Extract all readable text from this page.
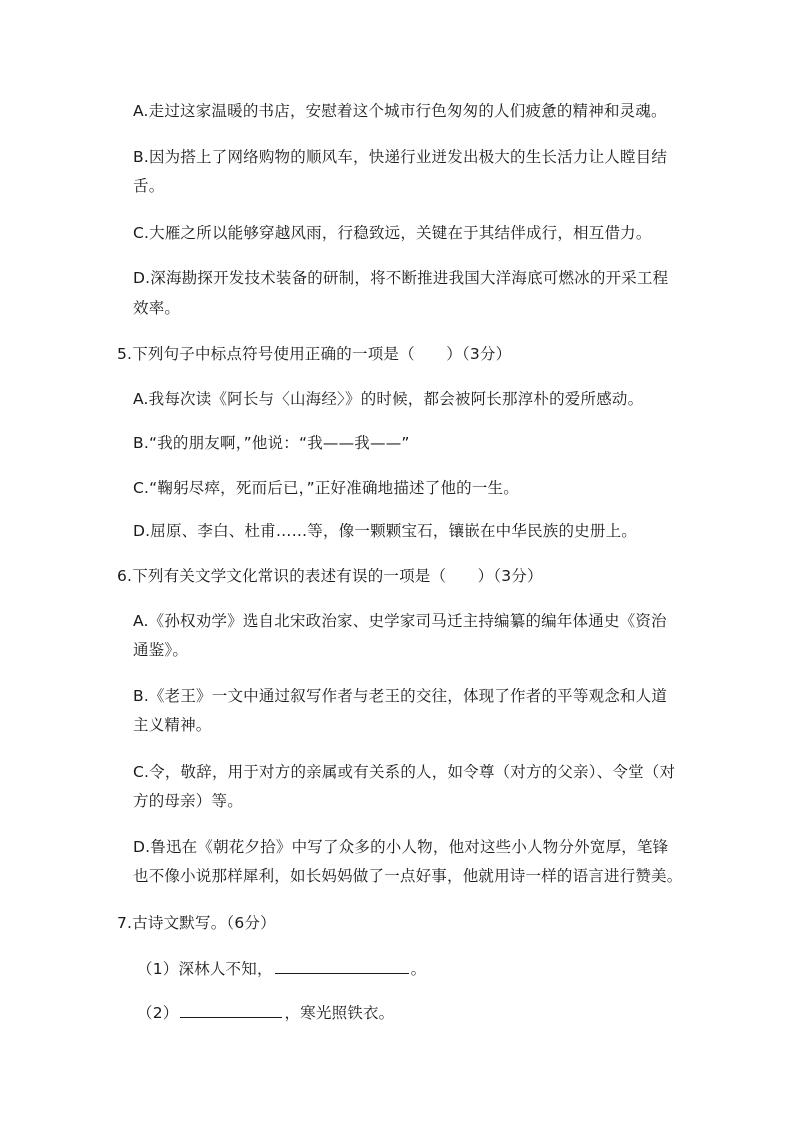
A.走过这家温暖的书店，安慰着这个城市行色匆匆的人们疲惫的精神和灵魂。

B.因为搭上了网络购物的顺风车，快递行业迸发出极大的生长活力让人瞠目结

舌。

C.大雁之所以能够穿越风雨，行稳致远，关键在于其结伴成行，相互借力。

D.深海勘探开发技术装备的研制，将不断推进我国大洋海底可燃冰的开采工程

效率。

5.下列句子中标点符号使用正确的一项是（　　）（3分）

A.我每次读《阿长与〈山海经〉》的时候，都会被阿长那淳朴的爱所感动。

B.“我的朋友啊，”他说：“我——我——”

C.“鞠躬尽瘁，死而后已，”正好准确地描述了他的一生。

D.屈原、李白、杜甫……等，像一颗颗宝石，镶嵌在中华民族的史册上。

6.下列有关文学文化常识的表述有误的一项是（　　）（3分）

A.《孙权劝学》选自北宋政治家、史学家司马迁主持编纂的编年体通史《资治

通鉴》。

B.《老王》一文中通过叙写作者与老王的交往，体现了作者的平等观念和人道

主义精神。

C.令，敬辞，用于对方的亲属或有关系的人，如令尊（对方的父亲）、令堂（对

方的母亲）等。

D.鲁迅在《朝花夕拾》中写了众多的小人物，他对这些小人物分外宽厚，笔锋

也不像小说那样犀利，如长妈妈做了一点好事，他就用诗一样的语言进行赞美。

7.古诗文默写。（6分）

（1）深林人不知，	。

（2）	，寒光照铁衣。
